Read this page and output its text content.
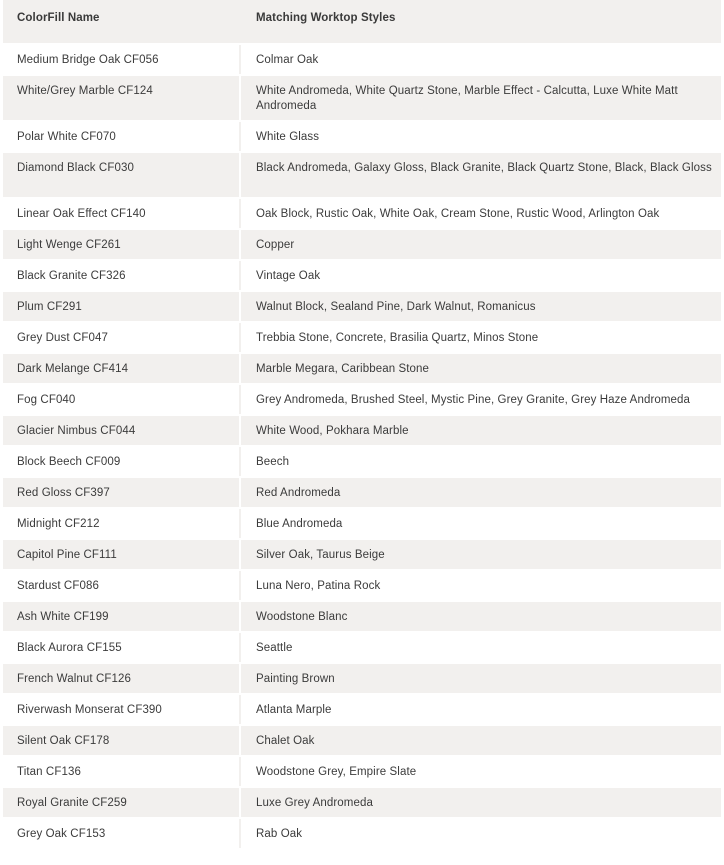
ColorFill Name	Matching Worktop Styles
Medium Bridge Oak CF056	Colmar Oak
White/Grey Marble CF124	White Andromeda, White Quartz Stone, Marble Effect - Calcutta, Luxe White Matt Andromeda
Polar White CF070	White Glass
Diamond Black CF030	Black Andromeda, Galaxy Gloss, Black Granite, Black Quartz Stone, Black, Black Gloss
Linear Oak Effect CF140	Oak Block, Rustic Oak, White Oak, Cream Stone, Rustic Wood, Arlington Oak
Light Wenge CF261	Copper
Black Granite CF326	Vintage Oak
Plum CF291	Walnut Block, Sealand Pine, Dark Walnut, Romanicus
Grey Dust CF047	Trebbia Stone, Concrete, Brasilia Quartz, Minos Stone
Dark Melange CF414	Marble Megara, Caribbean Stone
Fog CF040	Grey Andromeda, Brushed Steel, Mystic Pine, Grey Granite, Grey Haze Andromeda
Glacier Nimbus CF044	White Wood, Pokhara Marble
Block Beech CF009	Beech
Red Gloss CF397	Red Andromeda
Midnight CF212	Blue Andromeda
Capitol Pine CF111	Silver Oak, Taurus Beige
Stardust CF086	Luna Nero, Patina Rock
Ash White CF199	Woodstone Blanc
Black Aurora CF155	Seattle
French Walnut CF126	Painting Brown
Riverwash Monserat CF390	Atlanta Marple
Silent Oak CF178	Chalet Oak
Titan CF136	Woodstone Grey, Empire Slate
Royal Granite CF259	Luxe Grey Andromeda
Grey Oak CF153	Rab Oak
